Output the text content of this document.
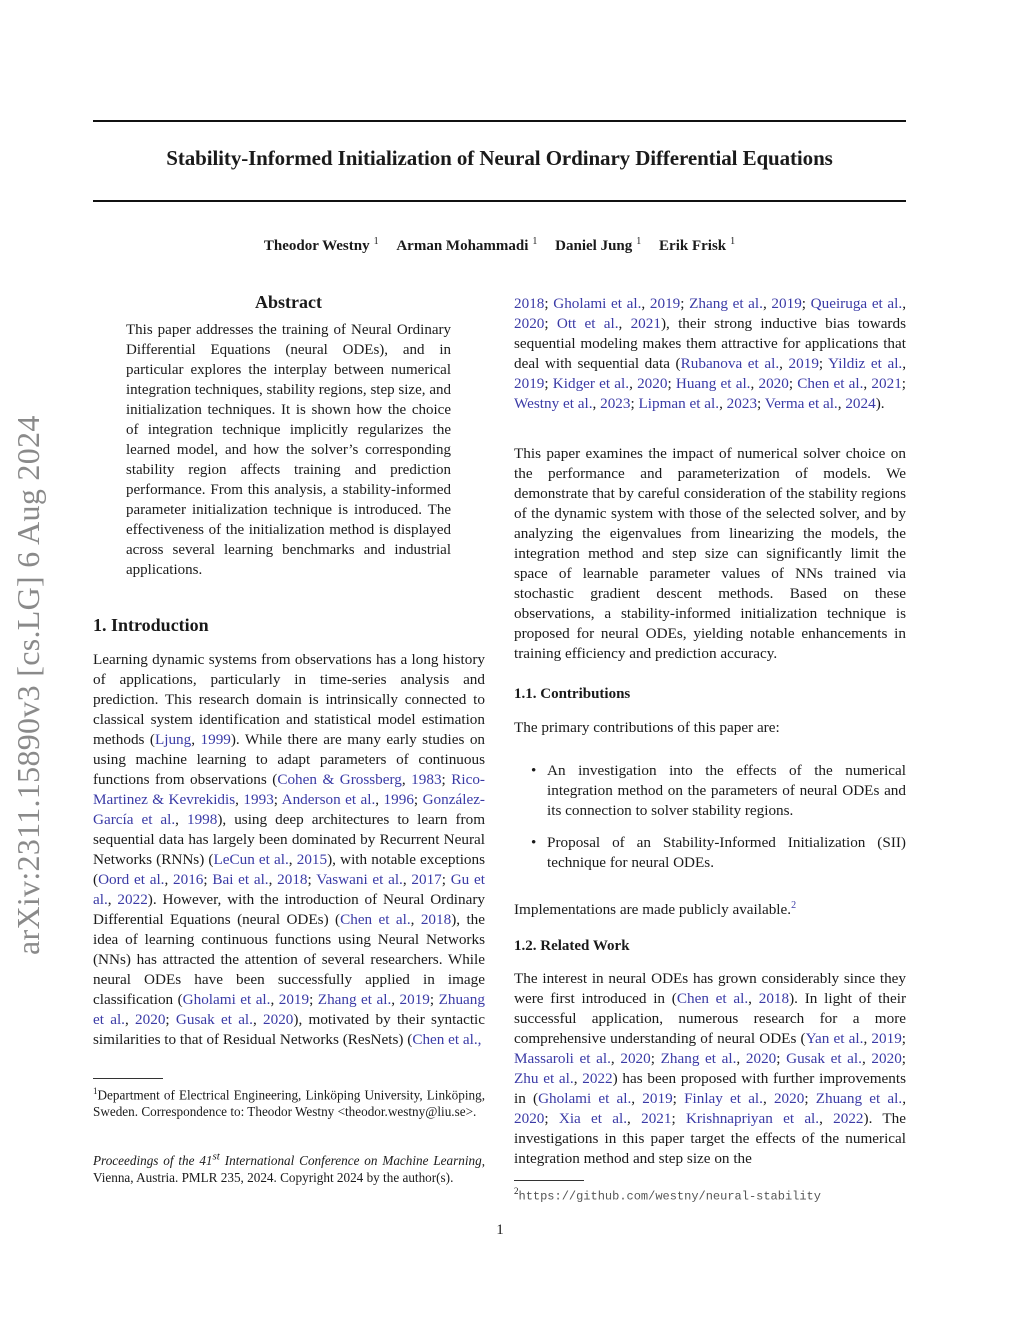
Stability-Informed Initialization of Neural Ordinary Differential Equations
Theodor Westny $^1$ Arman Mohammadi $^1$ Daniel Jung $^1$ Erik Frisk $^1$
arXiv:2311.15890v3 [cs.LG] 6 Aug 2024
Abstract
This paper addresses the training of Neural Ordinary Differential Equations (neural ODEs), and in particular explores the interplay between numerical integration techniques, stability regions, step size, and initialization techniques. It is shown how the choice of integration technique implicitly regularizes the learned model, and how the solver’s corresponding stability region affects training and prediction performance. From this analysis, a stability-informed parameter initialization technique is introduced. The effectiveness of the initialization method is displayed across several learning benchmarks and industrial applications.
1. Introduction

Learning dynamic systems from observations has a long history of applications, particularly in time-series analysis and prediction. This research domain is intrinsically connected to classical system identification and statistical model estimation methods (Ljung, 1999). While there are many early studies on using machine learning to adapt parameters of continuous functions from observations (Cohen & Grossberg, 1983; Rico-Martinez & Kevrekidis, 1993; Anderson et al., 1996; González-García et al., 1998), using deep architectures to learn from sequential data has largely been dominated by Recurrent Neural Networks (RNNs) (LeCun et al., 2015), with notable exceptions (Oord et al., 2016; Bai et al., 2018; Vaswani et al., 2017; Gu et al., 2022). However, with the introduction of Neural Ordinary Differential Equations (neural ODEs) (Chen et al., 2018), the idea of learning continuous functions using Neural Networks (NNs) has attracted the attention of several researchers. While neural ODEs have been successfully applied in image classification (Gholami et al., 2019; Zhang et al., 2019; Zhuang et al., 2020; Gusak et al., 2020), motivated by their syntactic similarities to that of Residual Networks (ResNets) (Chen et al.,

$^1$Department of Electrical Engineering, Linköping University, Linköping, Sweden. Correspondence to: Theodor Westny <theodor.westny@liu.se>.
Proceedings of the 41st International Conference on Machine Learning, Vienna, Austria. PMLR 235, 2024. Copyright 2024 by the author(s).

2018; Gholami et al., 2019; Zhang et al., 2019; Queiruga et al., 2020; Ott et al., 2021), their strong inductive bias towards sequential modeling makes them attractive for applications that deal with sequential data (Rubanova et al., 2019; Yildiz et al., 2019; Kidger et al., 2020; Huang et al., 2020; Chen et al., 2021; Westny et al., 2023; Lipman et al., 2023; Verma et al., 2024).

This paper examines the impact of numerical solver choice on the performance and parameterization of models. We demonstrate that by careful consideration of the stability regions of the dynamic system with those of the selected solver, and by analyzing the eigenvalues from linearizing the models, the integration method and step size can significantly limit the space of learnable parameter values of NNs trained via stochastic gradient descent methods. Based on these observations, a stability-informed initialization technique is proposed for neural ODEs, yielding notable enhancements in training efficiency and prediction accuracy.
1.1. Contributions
The primary contributions of this paper are:
• An investigation into the effects of the numerical integration method on the parameters of neural ODEs and its connection to solver stability regions.
• Proposal of an Stability-Informed Initialization (SII) technique for neural ODEs.
Implementations are made publicly available.$^2$
1.2. Related Work

The interest in neural ODEs has grown considerably since they were first introduced in (Chen et al., 2018). In light of their successful application, numerous research for a more comprehensive understanding of neural ODEs (Yan et al., 2019; Massaroli et al., 2020; Zhang et al., 2020; Gusak et al., 2020; Zhu et al., 2022) has been proposed with further improvements in (Gholami et al., 2019; Finlay et al., 2020; Zhuang et al., 2020; Xia et al., 2021; Krishnapriyan et al., 2022). The investigations in this paper target the effects of the numerical integration method and step size on the

$^2$https://github.com/westny/neural-stability
1
